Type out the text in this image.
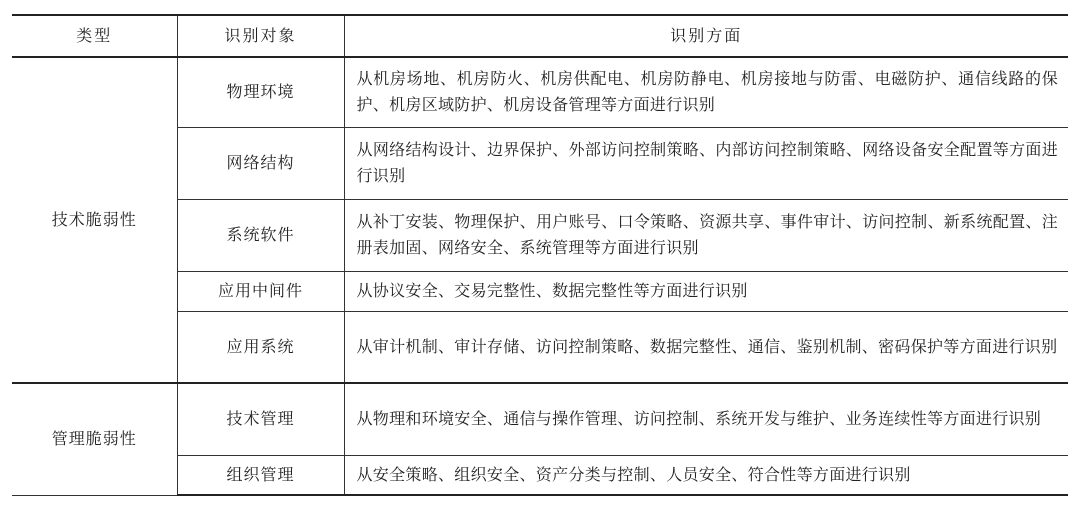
类型	识别对象	识别方面
技术脆弱性	物理环境	从机房场地、机房防火、机房供配电、机房防静电、机房接地与防雷、电磁防护、通信线路的保护、机房区域防护、机房设备管理等方面进行识别
	网络结构	从网络结构设计、边界保护、外部访问控制策略、内部访问控制策略、网络设备安全配置等方面进行识别
	系统软件	从补丁安装、物理保护、用户账号、口令策略、资源共享、事件审计、访问控制、新系统配置、注册表加固、网络安全、系统管理等方面进行识别
	应用中间件	从协议安全、交易完整性、数据完整性等方面进行识别
	应用系统	从审计机制、审计存储、访问控制策略、数据完整性、通信、鉴别机制、密码保护等方面进行识别
管理脆弱性	技术管理	从物理和环境安全、通信与操作管理、访问控制、系统开发与维护、业务连续性等方面进行识别
	组织管理	从安全策略、组织安全、资产分类与控制、人员安全、符合性等方面进行识别
